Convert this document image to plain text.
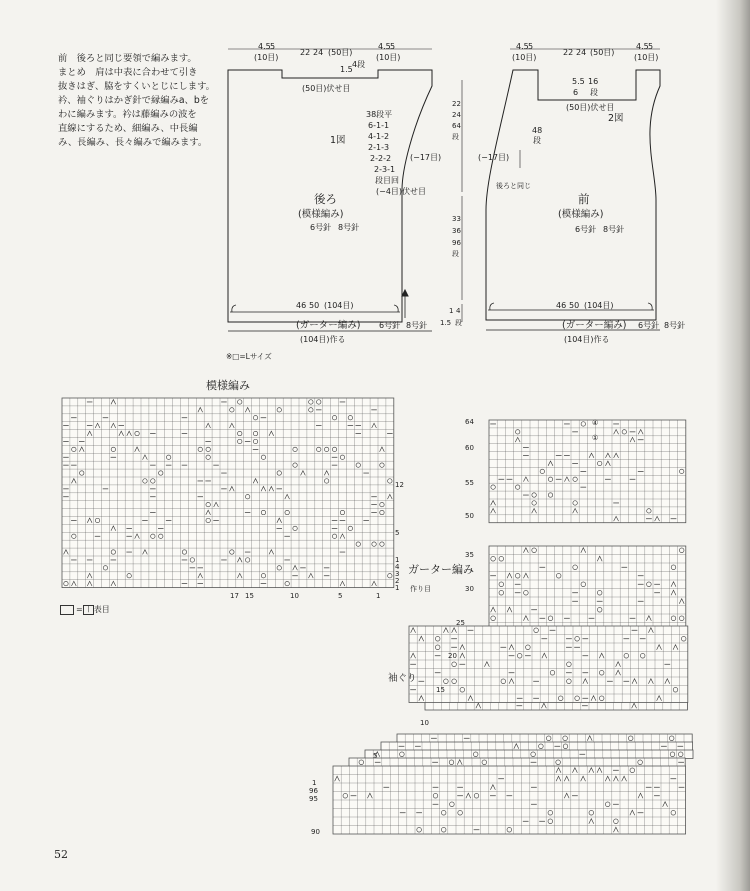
前　後ろと同じ要領で編みます。
まとめ　肩は中表に合わせて引き
抜きはぎ、脇をすくいとじにします。
衿、袖ぐりはかぎ針で縁編みa、bを
わに編みます。衿は藤編みの波を
直線にするため、細編み、中長編
み、長編み、長々編みで編みます。
4.5 5
(10目)
22 24 (50目)
4.5 5
(10目)
1.5
4段
(50目)伏せ目
38段平
6-1-1
4-1-2
2-1-3
2-2-2
2-3-1
段目回
(−4目)伏せ目
(−17目)
1図
後ろ
(模様編み)
6号針 8号針
46 50 (104目)
(ガーター編み) 6号針 8号針
(104目)作る
22
24
64
段
33
36
96
段
1 4
1.5 段
4.5 5
(10目)
22 24 (50目)
4.5 5
(10目)
5.5 16
6 段
(50目)伏せ目
2図
48
段
(−17目)
後ろと同じ
前
(模様編み)
6号針 8号針
46 50 (104目)
(ガーター編み) 6号針 8号針
(104目)作る
模様編み
12
5
1
4
3
2
1
ガーター編み
作り目
17 15	10	5	1
64
60
55
50
④
①
袖ぐり
35
30
25
20
15
10
5
1
96
95
90
※□=Lサイズ
= | 表目
52
